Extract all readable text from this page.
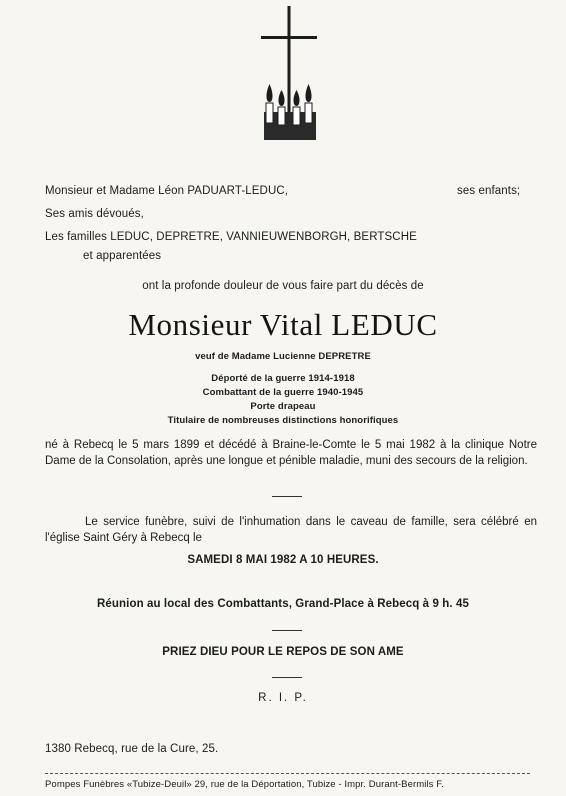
Monsieur et Madame Léon PADUART-LEDUC,	ses enfants;
Ses amis dévoués,
Les familles LEDUC, DEPRETRE, VANNIEUWENBORGH, BERTSCHE
et apparentées
ont la profonde douleur de vous faire part du décès de
Monsieur Vital LEDUC
veuf de Madame Lucienne DEPRETRE
Déporté de la guerre 1914-1918
Combattant de la guerre 1940-1945
Porte drapeau
Titulaire de nombreuses distinctions honorifiques
né à Rebecq le 5 mars 1899 et décédé à Braine-le-Comte le 5 mai 1982 à la clinique Notre Dame de la Consolation, après une longue et pénible maladie, muni des secours de la religion.
Le service funèbre, suivi de l'inhumation dans le caveau de famille, sera célébré en l'église Saint Géry à Rebecq le
SAMEDI 8 MAI 1982 A 10 HEURES.
Réunion au local des Combattants, Grand-Place à Rebecq à 9 h. 45
PRIEZ DIEU POUR LE REPOS DE SON AME
R. I. P.
1380 Rebecq, rue de la Cure, 25.
Pompes Funèbres «Tubize-Deuil» 29, rue de la Déportation, Tubize - Impr. Durant-Bermils F.
